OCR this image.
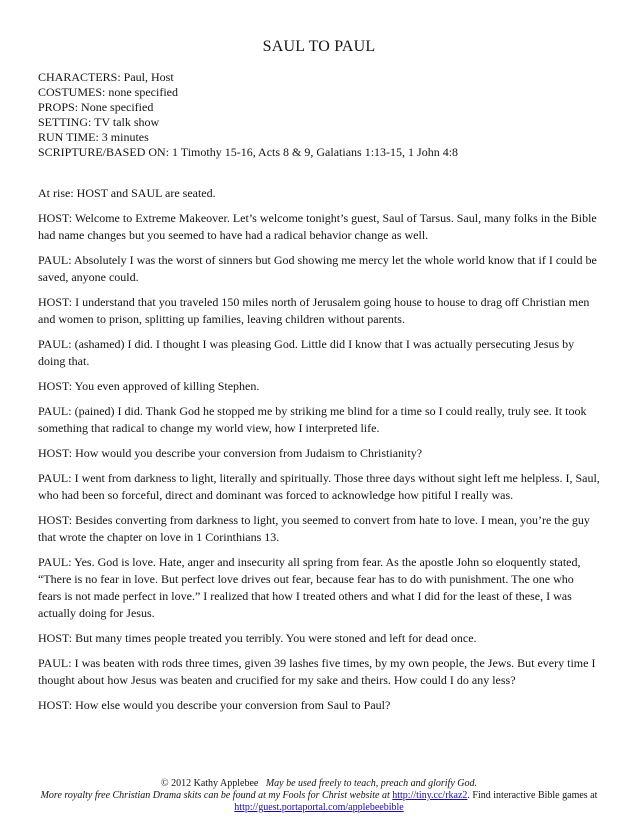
SAUL TO PAUL
CHARACTERS: Paul, Host
COSTUMES: none specified
PROPS: None specified
SETTING: TV talk show
RUN TIME: 3 minutes
SCRIPTURE/BASED ON: 1 Timothy 15-16, Acts 8 & 9, Galatians 1:13-15, 1 John 4:8

At rise: HOST and SAUL are seated.

HOST: Welcome to Extreme Makeover. Let’s welcome tonight’s guest, Saul of Tarsus. Saul, many folks in the Bible had name changes but you seemed to have had a radical behavior change as well.

PAUL: Absolutely I was the worst of sinners but God showing me mercy let the whole world know that if I could be saved, anyone could.

HOST: I understand that you traveled 150 miles north of Jerusalem going house to house to drag off Christian men and women to prison, splitting up families, leaving children without parents.

PAUL: (ashamed) I did. I thought I was pleasing God. Little did I know that I was actually persecuting Jesus by doing that.

HOST: You even approved of killing Stephen.

PAUL: (pained) I did. Thank God he stopped me by striking me blind for a time so I could really, truly see. It took something that radical to change my world view, how I interpreted life.

HOST: How would you describe your conversion from Judaism to Christianity?

PAUL: I went from darkness to light, literally and spiritually. Those three days without sight left me helpless. I, Saul, who had been so forceful, direct and dominant was forced to acknowledge how pitiful I really was.

HOST: Besides converting from darkness to light, you seemed to convert from hate to love. I mean, you’re the guy that wrote the chapter on love in 1 Corinthians 13.

PAUL: Yes. God is love. Hate, anger and insecurity all spring from fear. As the apostle John so eloquently stated, “There is no fear in love. But perfect love drives out fear, because fear has to do with punishment. The one who fears is not made perfect in love.” I realized that how I treated others and what I did for the least of these, I was actually doing for Jesus.

HOST: But many times people treated you terribly. You were stoned and left for dead once.

PAUL: I was beaten with rods three times, given 39 lashes five times, by my own people, the Jews. But every time I thought about how Jesus was beaten and crucified for my sake and theirs. How could I do any less?

HOST: How else would you describe your conversion from Saul to Paul?

© 2012 Kathy Applebee May be used freely to teach, preach and glorify God.
More royalty free Christian Drama skits can be found at my Fools for Christ website at http://tiny.cc/rkaz2. Find interactive Bible games at http://guest.portaportal.com/applebeebible
